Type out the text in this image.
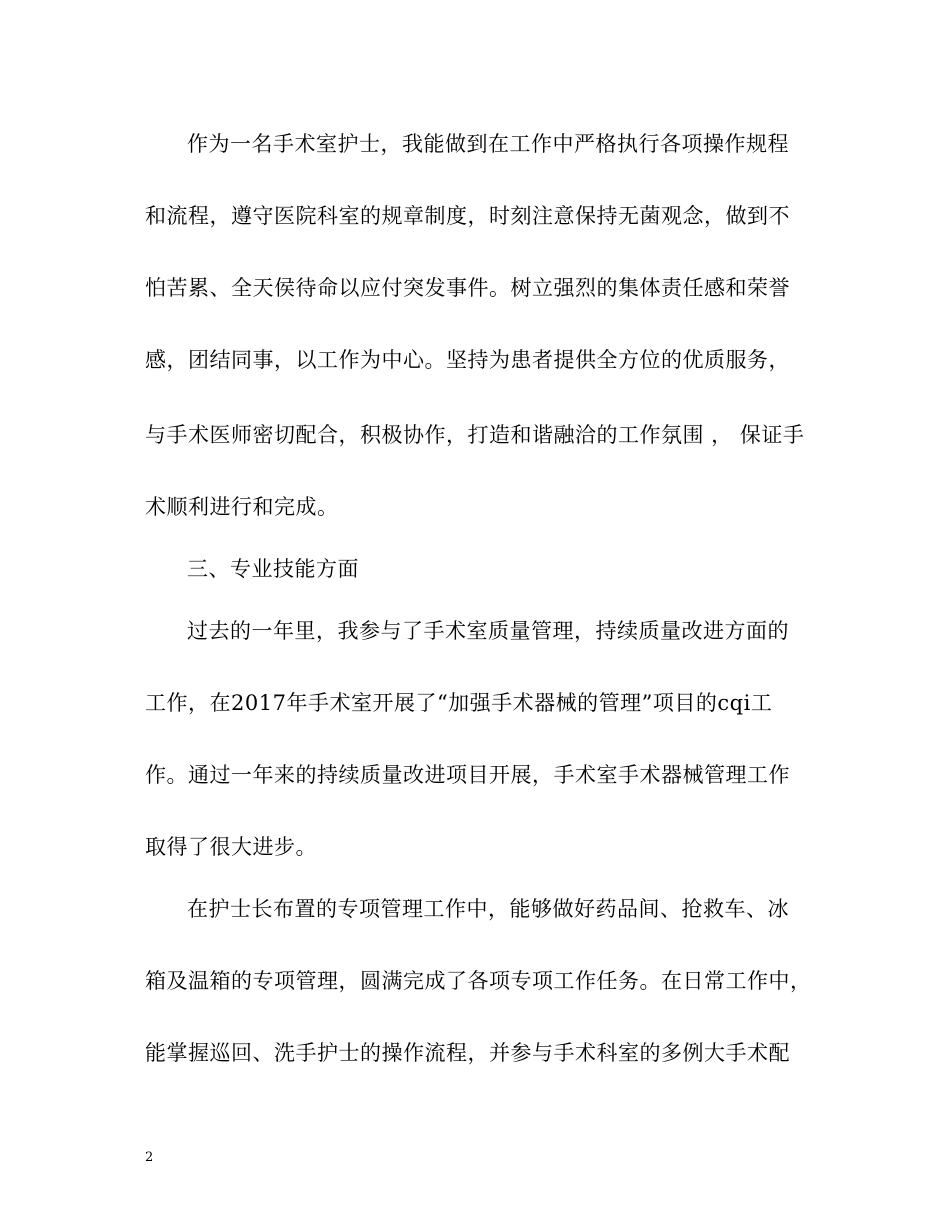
作为一名手术室护士，我能做到在工作中严格执行各项操作规程
和流程，遵守医院科室的规章制度，时刻注意保持无菌观念，做到不
怕苦累、全天侯待命以应付突发事件。树立强烈的集体责任感和荣誉
感，团结同事，以工作为中心。坚持为患者提供全方位的优质服务，
与手术医师密切配合，积极协作，打造和谐融洽的工作氛围 ， 保证手
术顺利进行和完成。
三、专业技能方面
过去的一年里，我参与了手术室质量管理，持续质量改进方面的
工作，在2017年手术室开展了“加强手术器械的管理”项目的cqi工
作。通过一年来的持续质量改进项目开展，手术室手术器械管理工作
取得了很大进步。
在护士长布置的专项管理工作中，能够做好药品间、抢救车、冰
箱及温箱的专项管理，圆满完成了各项专项工作任务。在日常工作中，
能掌握巡回、洗手护士的操作流程，并参与手术科室的多例大手术配
2
